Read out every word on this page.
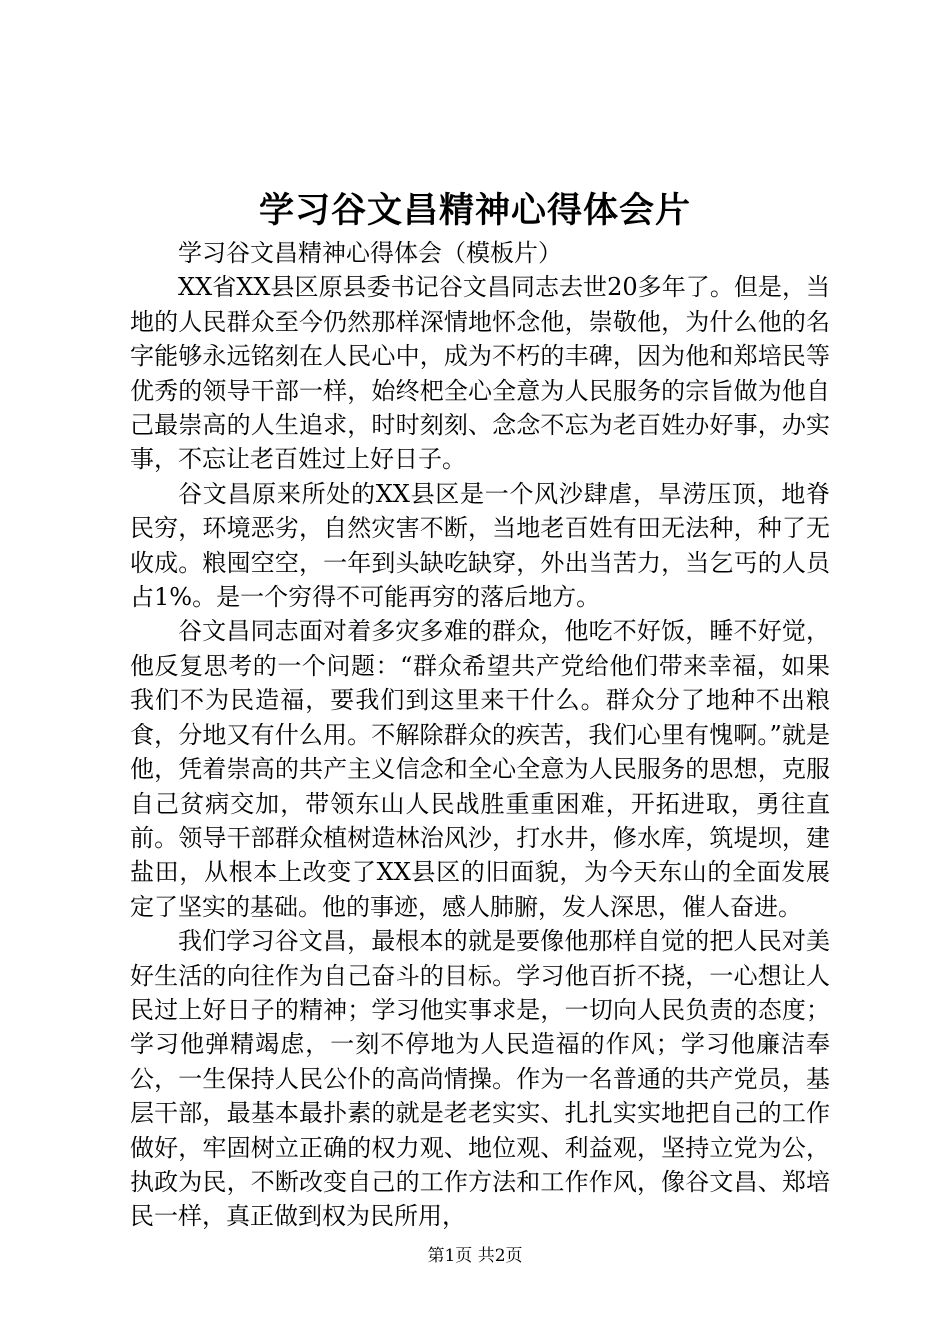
学习谷文昌精神心得体会片

学习谷文昌精神心得体会（模板片）

XX省XX县区原县委书记谷文昌同志去世20多年了。但是，当地的人民群众至今仍然那样深情地怀念他，崇敬他，为什么他的名字能够永远铭刻在人民心中，成为不朽的丰碑，因为他和郑培民等优秀的领导干部一样，始终杷全心全意为人民服务的宗旨做为他自己最崇高的人生追求，时时刻刻、念念不忘为老百姓办好事，办实事，不忘让老百姓过上好日子。

谷文昌原来所处的XX县区是一个风沙肆虐，旱涝压顶，地脊民穷，环境恶劣，自然灾害不断，当地老百姓有田无法种，种了无收成。粮囤空空，一年到头缺吃缺穿，外出当苦力，当乞丐的人员占1%。是一个穷得不可能再穷的落后地方。

谷文昌同志面对着多灾多难的群众，他吃不好饭，睡不好觉，他反复思考的一个问题：“群众希望共产党给他们带来幸福，如果我们不为民造福，要我们到这里来干什么。群众分了地种不出粮食，分地又有什么用。不解除群众的疾苦，我们心里有愧啊。”就是他，凭着崇高的共产主义信念和全心全意为人民服务的思想，克服自己贫病交加，带领东山人民战胜重重困难，开拓进取，勇往直前。领导干部群众植树造林治风沙，打水井，修水库，筑堤坝，建盐田，从根本上改变了XX县区的旧面貌，为今天东山的全面发展定了坚实的基础。他的事迹，感人肺腑，发人深思，催人奋进。

我们学习谷文昌，最根本的就是要像他那样自觉的把人民对美好生活的向往作为自己奋斗的目标。学习他百折不挠，一心想让人民过上好日子的精神；学习他实事求是，一切向人民负责的态度；学习他弹精竭虑，一刻不停地为人民造福的作风；学习他廉洁奉公，一生保持人民公仆的高尚情操。作为一名普通的共产党员，基层干部，最基本最扑素的就是老老实实、扎扎实实地把自己的工作做好，牢固树立正确的权力观、地位观、利益观，坚持立党为公，执政为民，不断改变自己的工作方法和工作作风，像谷文昌、郑培民一样，真正做到权为民所用，

第1页 共2页
